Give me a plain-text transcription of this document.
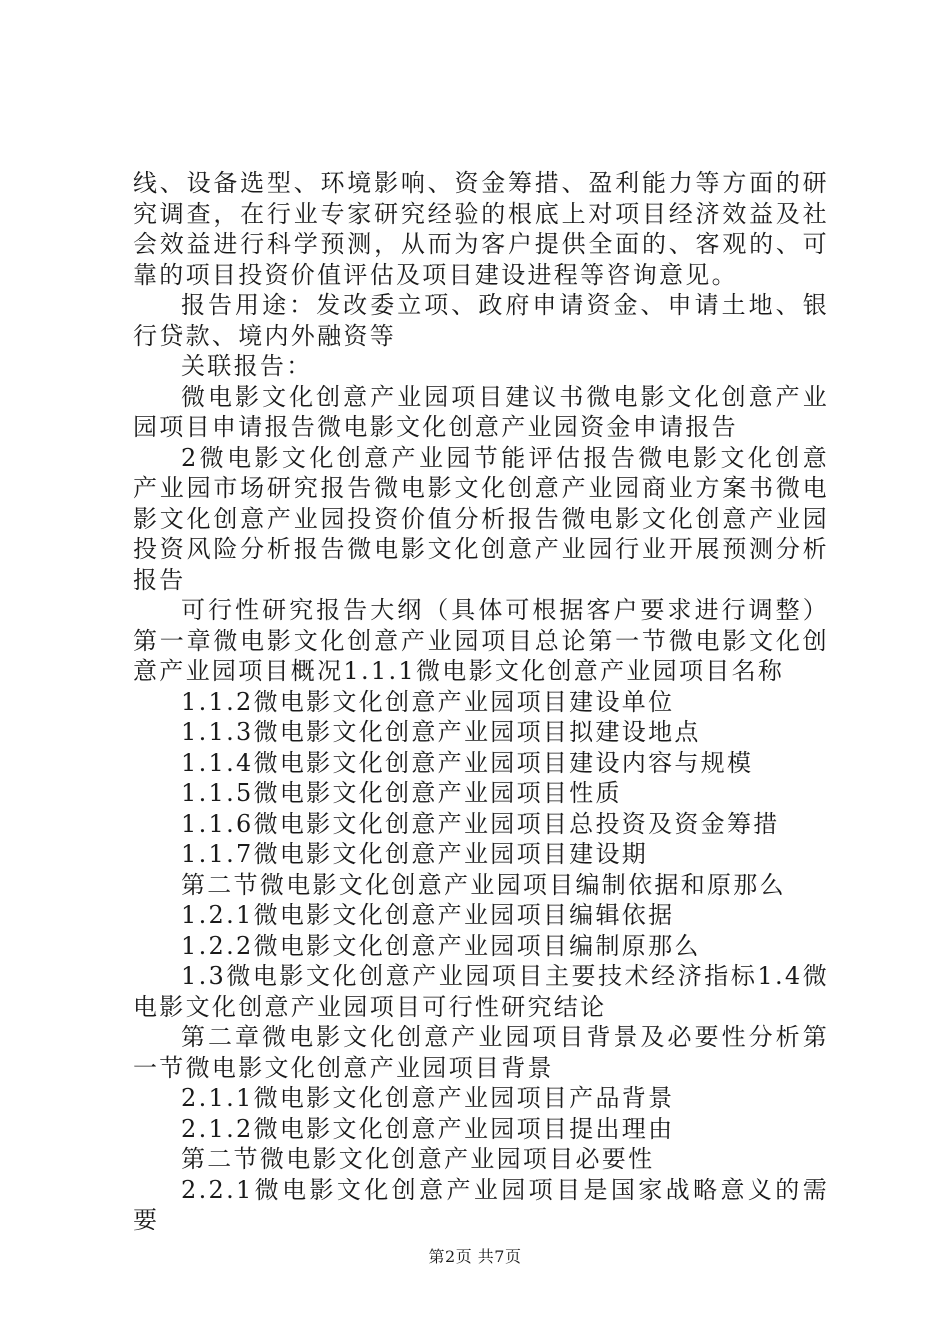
线、设备选型、环境影响、资金筹措、盈利能力等方面的研究调查，在行业专家研究经验的根底上对项目经济效益及社会效益进行科学预测，从而为客户提供全面的、客观的、可靠的项目投资价值评估及项目建设进程等咨询意见。

报告用途：发改委立项、政府申请资金、申请土地、银行贷款、境内外融资等

关联报告：

微电影文化创意产业园项目建议书微电影文化创意产业园项目申请报告微电影文化创意产业园资金申请报告

2微电影文化创意产业园节能评估报告微电影文化创意产业园市场研究报告微电影文化创意产业园商业方案书微电影文化创意产业园投资价值分析报告微电影文化创意产业园投资风险分析报告微电影文化创意产业园行业开展预测分析报告

可行性研究报告大纲（具体可根据客户要求进行调整）第一章微电影文化创意产业园项目总论第一节微电影文化创意产业园项目概况1.1.1微电影文化创意产业园项目名称

1.1.2微电影文化创意产业园项目建设单位

1.1.3微电影文化创意产业园项目拟建设地点

1.1.4微电影文化创意产业园项目建设内容与规模

1.1.5微电影文化创意产业园项目性质

1.1.6微电影文化创意产业园项目总投资及资金筹措

1.1.7微电影文化创意产业园项目建设期

第二节微电影文化创意产业园项目编制依据和原那么

1.2.1微电影文化创意产业园项目编辑依据

1.2.2微电影文化创意产业园项目编制原那么

1.3微电影文化创意产业园项目主要技术经济指标1.4微电影文化创意产业园项目可行性研究结论

第二章微电影文化创意产业园项目背景及必要性分析第一节微电影文化创意产业园项目背景

2.1.1微电影文化创意产业园项目产品背景

2.1.2微电影文化创意产业园项目提出理由

第二节微电影文化创意产业园项目必要性

2.2.1微电影文化创意产业园项目是国家战略意义的需要

第2页 共7页
